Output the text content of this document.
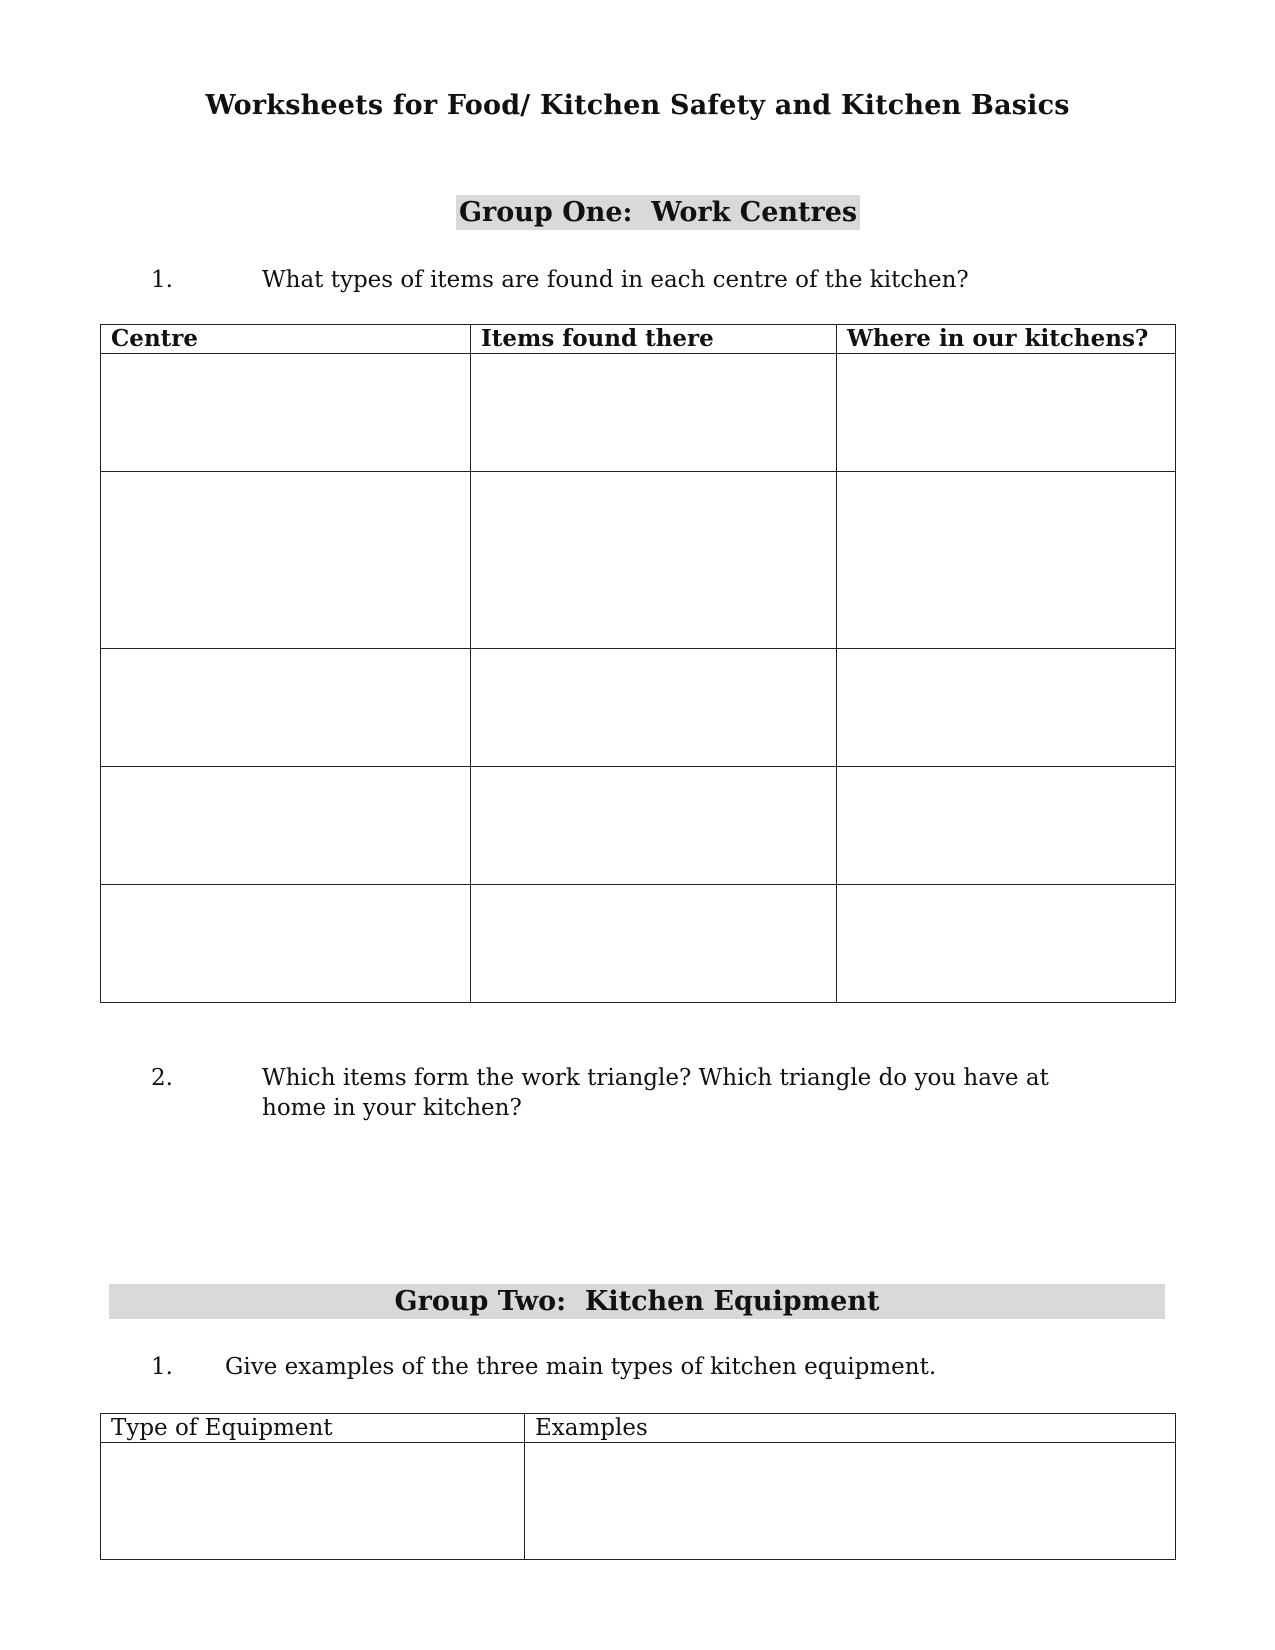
Worksheets for Food/ Kitchen Safety and Kitchen Basics
Group One:  Work Centres
1.	What types of items are found in each centre of the kitchen?
Centre	Items found there	Where in our kitchens?

2.	Which items form the work triangle? Which triangle do you have at
home in your kitchen?
Group Two:  Kitchen Equipment
1. Give examples of the three main types of kitchen equipment.
Type of Equipment	Examples
